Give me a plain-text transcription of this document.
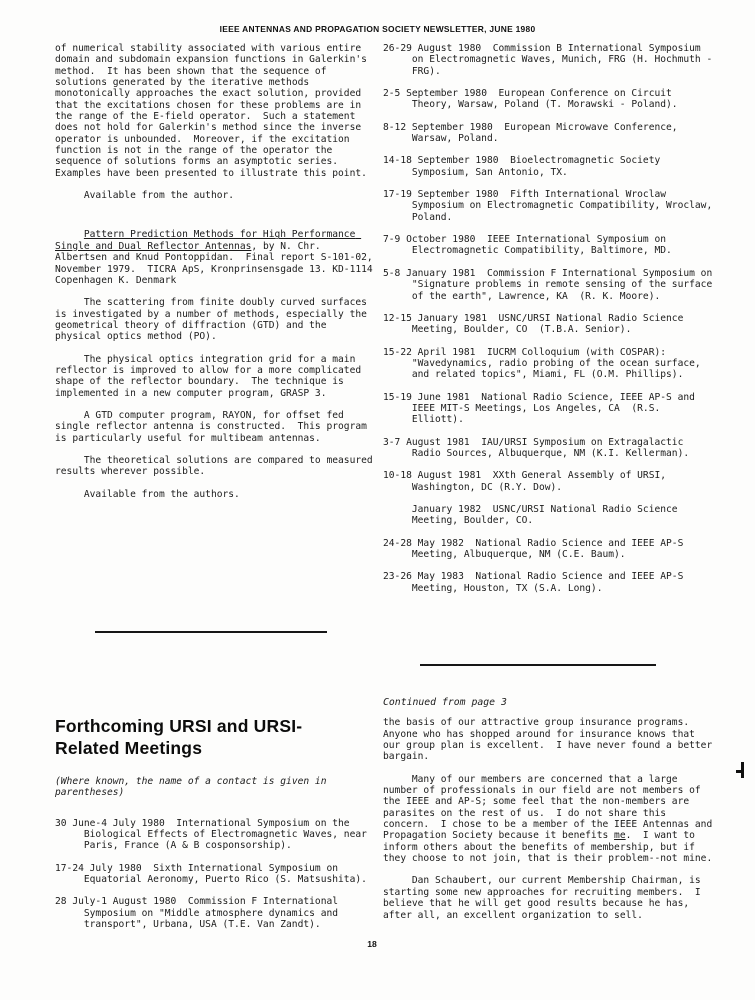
IEEE ANTENNAS AND PROPAGATION SOCIETY NEWSLETTER, JUNE 1980

of numerical stability associated with various entire domain and subdomain expansion functions in Galerkin's method.  It has been shown that the sequence of solutions generated by the iterative methods monotonically approaches the exact solution, provided that the excitations chosen for these problems are in the range of the E-field operator.  Such a statement does not hold for Galerkin's method since the inverse operator is unbounded.  Moreover, if the excitation function is not in the range of the operator the sequence of solutions forms an asymptotic series.  Examples have been presented to illustrate this point.

Available from the author.

Pattern Prediction Methods for High Performance Single and Dual Reflector Antennas, by N. Chr. Albertsen and Knud Pontoppidan.  Final report S-101-02, November 1979.  TICRA ApS, Kronprinsensgade 13. KD-1114 Copenhagen K. Denmark

The scattering from finite doubly curved surfaces is investigated by a number of methods, especially the geometrical theory of diffraction (GTD) and the physical optics method (PO).

The physical optics integration grid for a main reflector is improved to allow for a more complicated shape of the reflector boundary.  The technique is implemented in a new computer program, GRASP 3.

A GTD computer program, RAYON, for offset fed single reflector antenna is constructed.  This program is particularly useful for multibeam antennas.

The theoretical solutions are compared to measured results wherever possible.

Available from the authors.

Forthcoming URSI and URSI-Related Meetings

(Where known, the name of a contact is given in parentheses)

30 June-4 July 1980  International Symposium on the Biological Effects of Electromagnetic Waves, near Paris, France (A & B cosponsorship).
17-24 July 1980  Sixth International Symposium on Equatorial Aeronomy, Puerto Rico (S. Matsushita).
28 July-1 August 1980  Commission F International Symposium on "Middle atmosphere dynamics and transport", Urbana, USA (T.E. Van Zandt).
26-29 August 1980  Commission B International Symposium on Electromagnetic Waves, Munich, FRG (H. Hochmuth - FRG).
2-5 September 1980  European Conference on Circuit Theory, Warsaw, Poland (T. Morawski - Poland).
8-12 September 1980  European Microwave Conference, Warsaw, Poland.
14-18 September 1980  Bioelectromagnetic Society Symposium, San Antonio, TX.
17-19 September 1980  Fifth International Wroclaw Symposium on Electromagnetic Compatibility, Wroclaw, Poland.
7-9 October 1980  IEEE International Symposium on Electromagnetic Compatibility, Baltimore, MD.
5-8 January 1981  Commission F International Symposium on "Signature problems in remote sensing of the surface of the earth", Lawrence, KA  (R. K. Moore).
12-15 January 1981  USNC/URSI National Radio Science Meeting, Boulder, CO  (T.B.A. Senior).
15-22 April 1981  IUCRM Colloquium (with COSPAR): "Wavedynamics, radio probing of the ocean surface, and related topics", Miami, FL (O.M. Phillips).
15-19 June 1981  National Radio Science, IEEE AP-S and IEEE MIT-S Meetings, Los Angeles, CA  (R.S. Elliott).
3-7 August 1981  IAU/URSI Symposium on Extragalactic Radio Sources, Albuquerque, NM (K.I. Kellerman).
10-18 August 1981  XXth General Assembly of URSI, Washington, DC (R.Y. Dow).
January 1982  USNC/URSI National Radio Science Meeting, Boulder, CO.
24-28 May 1982  National Radio Science and IEEE AP-S Meeting, Albuquerque, NM (C.E. Baum).
23-26 May 1983  National Radio Science and IEEE AP-S Meeting, Houston, TX (S.A. Long).
Continued from page 3

the basis of our attractive group insurance programs. Anyone who has shopped around for insurance knows that our group plan is excellent.  I have never found a better bargain.

Many of our members are concerned that a large number of professionals in our field are not members of the IEEE and AP-S; some feel that the non-members are parasites on the rest of us.  I do not share this concern.  I chose to be a member of the IEEE Antennas and Propagation Society because it benefits me.  I want to inform others about the benefits of membership, but if they choose to not join, that is their problem--not mine.

Dan Schaubert, our current Membership Chairman, is starting some new approaches for recruiting members.  I believe that he will get good results because he has, after all, an excellent organization to sell.

18
